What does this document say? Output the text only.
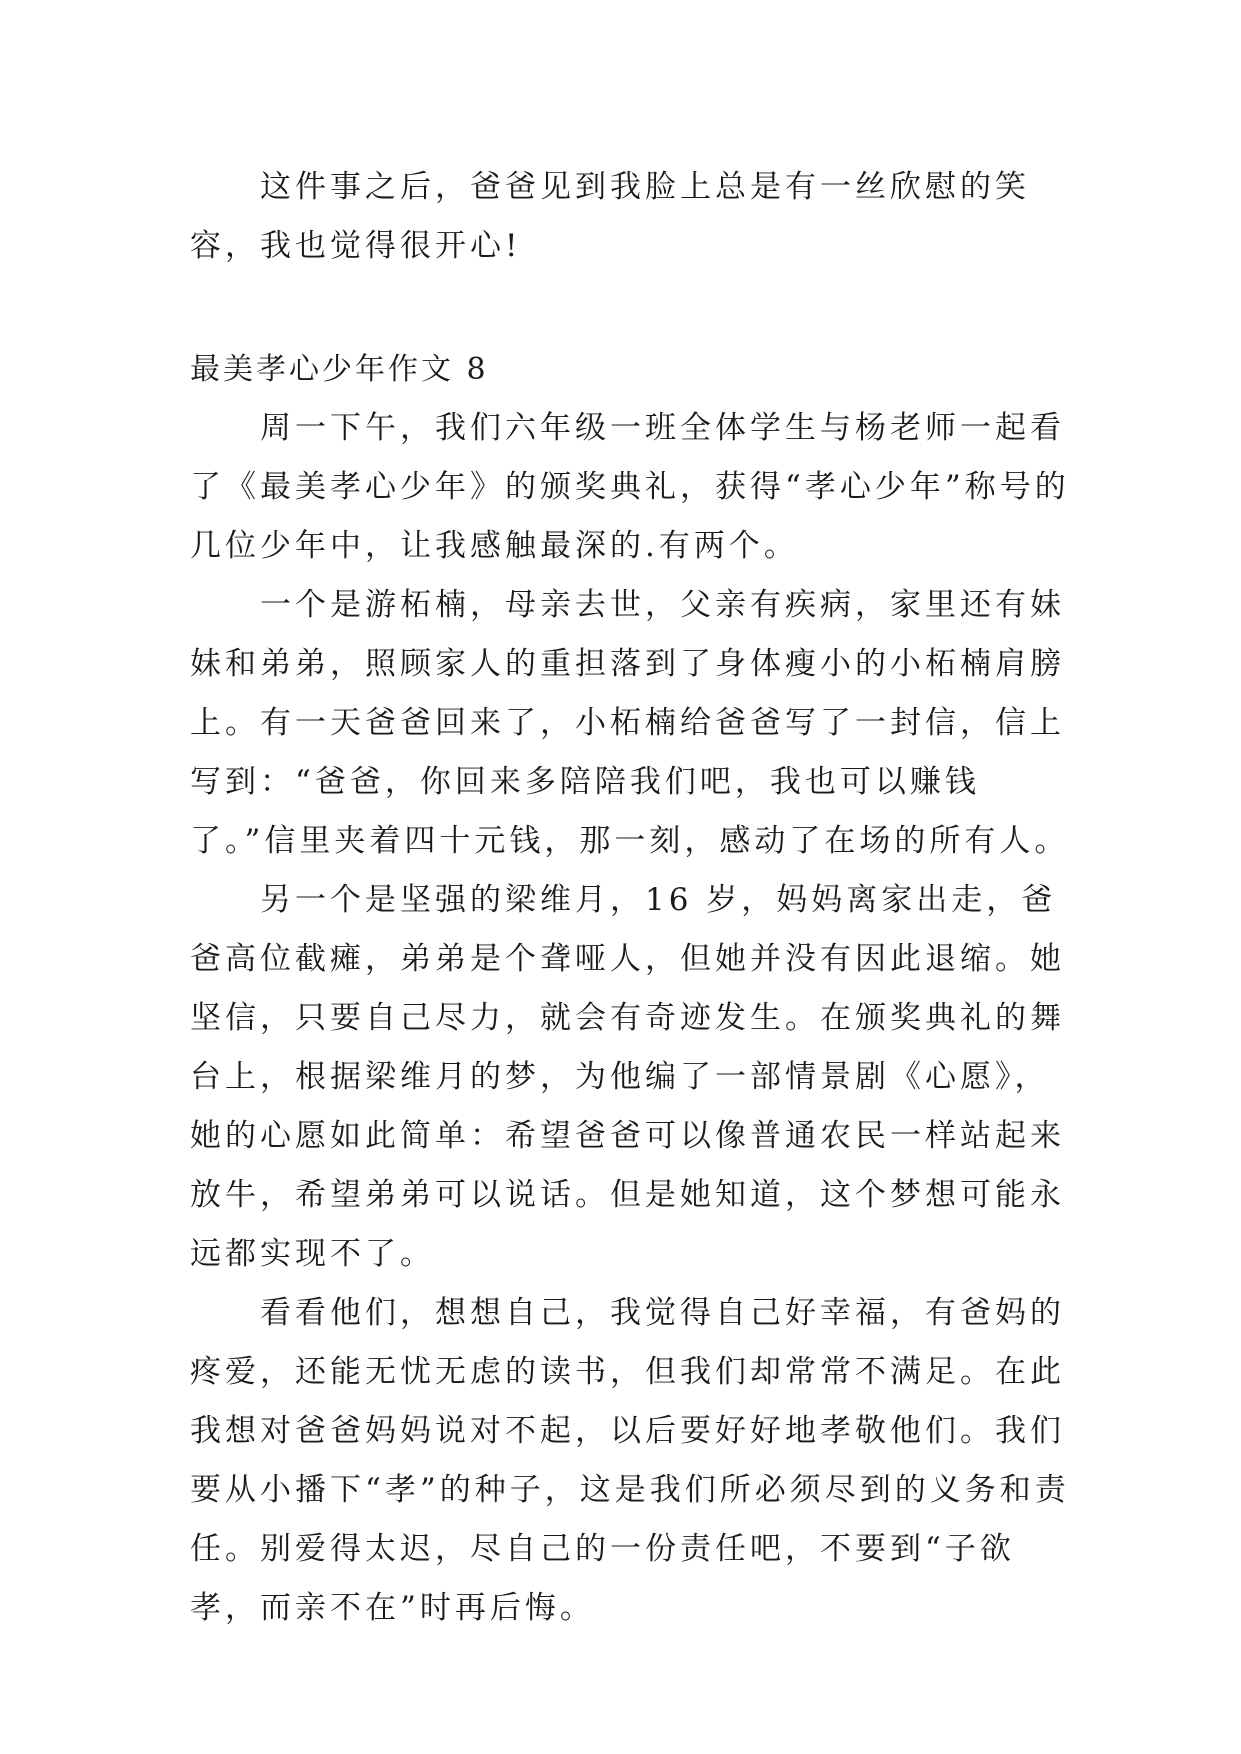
这件事之后，爸爸见到我脸上总是有一丝欣慰的笑容，我也觉得很开心!

最美孝心少年作文 8

周一下午，我们六年级一班全体学生与杨老师一起看了《最美孝心少年》的颁奖典礼，获得“孝心少年”称号的几位少年中，让我感触最深的.有两个。

一个是游柘楠，母亲去世，父亲有疾病，家里还有妹妹和弟弟，照顾家人的重担落到了身体瘦小的小柘楠肩膀上。有一天爸爸回来了，小柘楠给爸爸写了一封信，信上写到：“爸爸，你回来多陪陪我们吧，我也可以赚钱了。”信里夹着四十元钱，那一刻，感动了在场的所有人。

另一个是坚强的梁维月，16 岁，妈妈离家出走，爸爸高位截瘫，弟弟是个聋哑人，但她并没有因此退缩。她坚信，只要自己尽力，就会有奇迹发生。在颁奖典礼的舞台上，根据梁维月的梦，为他编了一部情景剧《心愿》，她的心愿如此简单：希望爸爸可以像普通农民一样站起来放牛，希望弟弟可以说话。但是她知道，这个梦想可能永远都实现不了。

看看他们，想想自己，我觉得自己好幸福，有爸妈的疼爱，还能无忧无虑的读书，但我们却常常不满足。在此我想对爸爸妈妈说对不起，以后要好好地孝敬他们。我们要从小播下“孝”的种子，这是我们所必须尽到的义务和责任。别爱得太迟，尽自己的一份责任吧，不要到“子欲孝，而亲不在”时再后悔。
